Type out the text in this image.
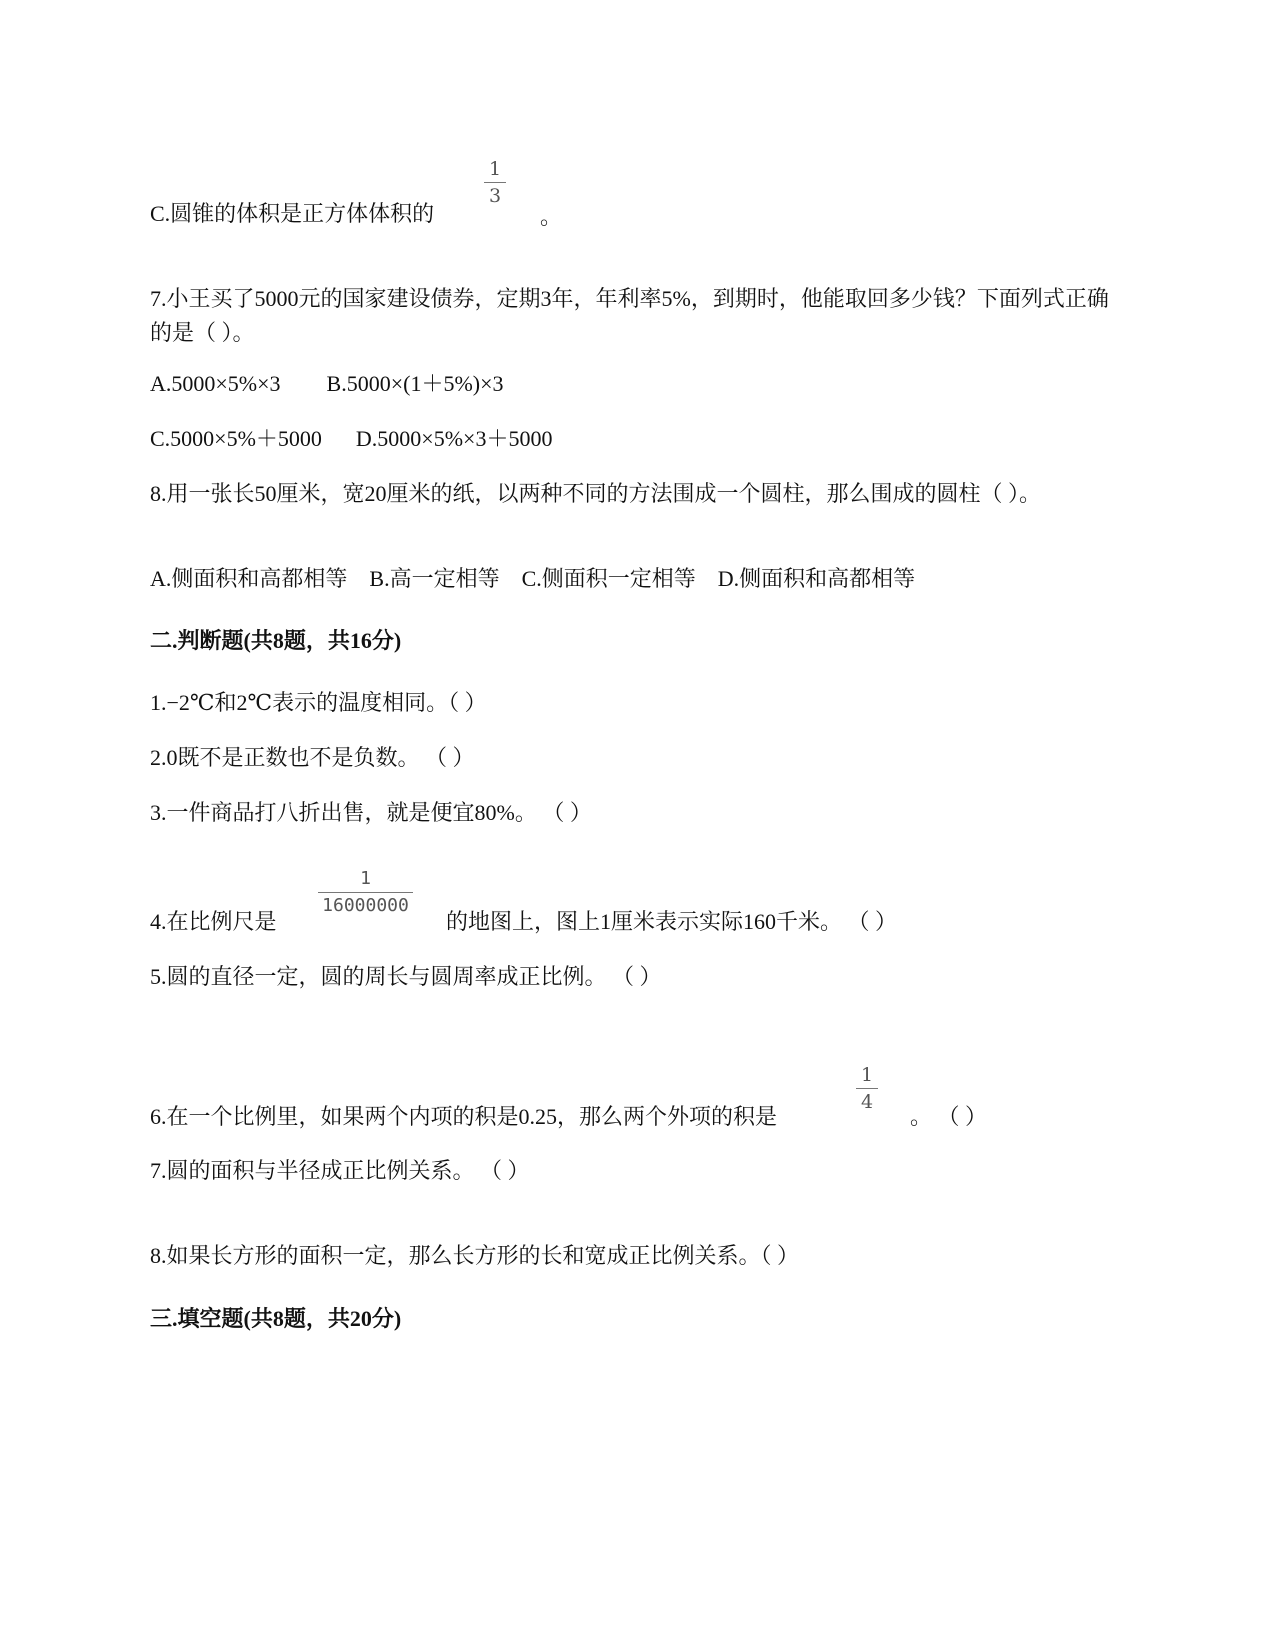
1
3
C.圆锥的体积是正方体体积的	。
7.小王买了5000元的国家建设债券，定期3年，年利率5%，到期时，他能取回多少钱？下面列式正确的是（ ）。
A.5000×5%×3 B.5000×(1＋5%)×3
C.5000×5%＋5000 D.5000×5%×3＋5000
8.用一张长50厘米，宽20厘米的纸，以两种不同的方法围成一个圆柱，那么围成的圆柱（ ）。
A.侧面积和高都相等 B.高一定相等 C.侧面积一定相等 D.侧面积和高都相等
二.判断题(共8题，共16分)
1.−2℃和2℃表示的温度相同。（ ）
2.0既不是正数也不是负数。 （ ）
3.一件商品打八折出售，就是便宜80%。 （ ）
1
16000000
4.在比例尺是	的地图上，图上1厘米表示实际160千米。 （ ）
5.圆的直径一定，圆的周长与圆周率成正比例。 （ ）
1
4
6.在一个比例里，如果两个内项的积是0.25，那么两个外项的积是	。 （ ）
7.圆的面积与半径成正比例关系。 （ ）
8.如果长方形的面积一定，那么长方形的长和宽成正比例关系。（ ）
三.填空题(共8题，共20分)
